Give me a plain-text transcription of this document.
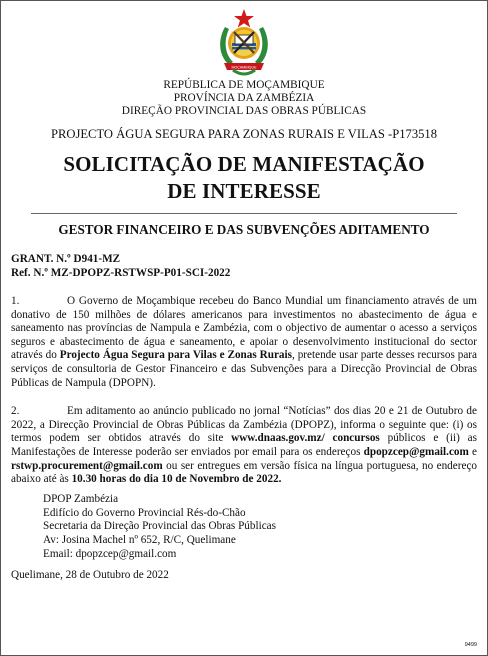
MOÇAMBIQUE
REPÚBLICA DE MOÇAMBIQUE
PROVÍNCIA DA ZAMBÉZIA
DIREÇÃO PROVINCIAL DAS OBRAS PÚBLICAS
PROJECTO ÁGUA SEGURA PARA ZONAS RURAIS E VILAS -P173518
SOLICITAÇÃO DE MANIFESTAÇÃO
DE INTERESSE
GESTOR FINANCEIRO E DAS SUBVENÇÕES ADITAMENTO
GRANT. N.º D941-MZ
Ref. N.º MZ-DPOPZ-RSTWSP-P01-SCI-2022

1.	O Governo de Moçambique recebeu do Banco Mundial um financiamento através de um donativo de 150 milhões de dólares americanos para investimentos no abastecimento de água e saneamento nas províncias de Nampula e Zambézia, com o objectivo de aumentar o acesso a serviços seguros e abastecimento de água e saneamento, e apoiar o desenvolvimento institucional do sector através do Projecto Água Segura para Vilas e Zonas Rurais, pretende usar parte desses recursos para serviços de consultoria de Gestor Financeiro e das Subvenções para a Direcção Provincial de Obras Públicas de Nampula (DPOPN).

2.	Em aditamento ao anúncio publicado no jornal “Notícias” dos dias 20 e 21 de Outubro de 2022, a Direcção Provincial de Obras Públicas da Zambézia (DPOPZ), informa o seguinte que: (i) os termos podem ser obtidos através do site www.dnaas.gov.mz/ concursos públicos e (ii) as Manifestações de Interesse poderão ser enviados por email para os endereços dpopzcep@gmail.com e rstwp.procurement@gmail.com ou ser entregues em versão física na língua portuguesa, no endereço abaixo até às 10.30 horas do dia 10 de Novembro de 2022.

DPOP Zambézia
Edifício do Governo Provincial Rés-do-Chão
Secretaria da Direção Provincial das Obras Públicas
Av: Josina Machel nº 652, R/C, Quelimane
Email: dpopzcep@gmail.com
Quelimane, 28 de Outubro de 2022
9499
